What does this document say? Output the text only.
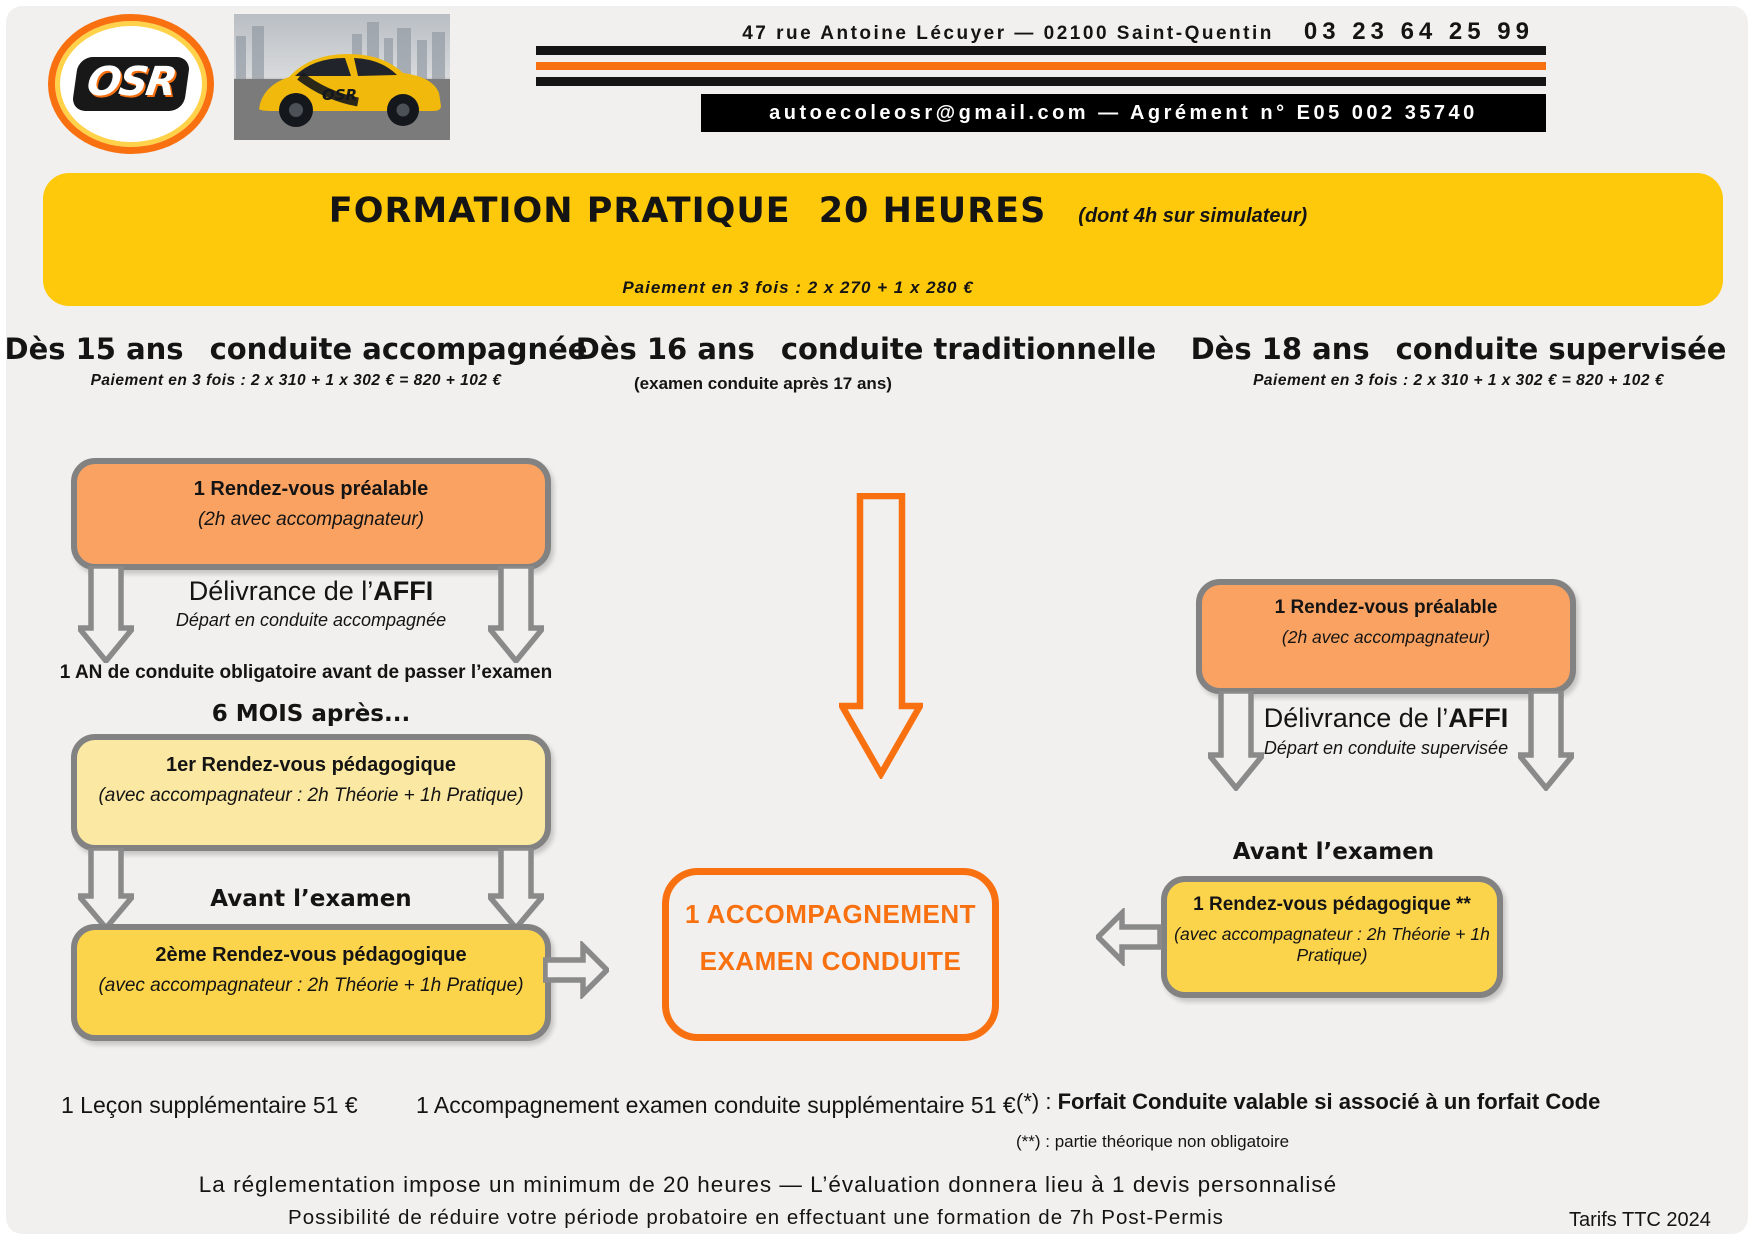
OSR	OSR
47 rue Antoine Lécuyer — 02100 Saint-Quentin 03 23 64 25 99
autoecoleosr@gmail.com — Agrément n° E05 002 35740
FORMATION PRATIQUE 20 HEURES (dont 4h sur simulateur)
Paiement en 3 fois : 2 x 270 + 1 x 280 €
Dès 15 ans conduite accompagnée
Paiement en 3 fois : 2 x 310 + 1 x 302 € = 820 + 102 €
Dès 16 ans conduite traditionnelle
(examen conduite après 17 ans)
Dès 18 ans conduite supervisée
Paiement en 3 fois : 2 x 310 + 1 x 302 € = 820 + 102 €
1 Rendez-vous préalable
(2h avec accompagnateur)
Délivrance de l’AFFI
Départ en conduite accompagnée
1 AN de conduite obligatoire avant de passer l’examen
6 MOIS après...
1er Rendez-vous pédagogique
(avec accompagnateur : 2h Théorie + 1h Pratique)
Avant l’examen
2ème Rendez-vous pédagogique
(avec accompagnateur : 2h Théorie + 1h Pratique)
1 ACCOMPAGNEMENT
EXAMEN CONDUITE
1 Rendez-vous préalable
(2h avec accompagnateur)
Délivrance de l’AFFI
Départ en conduite supervisée
Avant l’examen
1 Rendez-vous pédagogique **
(avec accompagnateur : 2h Théorie + 1h Pratique)
1 Leçon supplémentaire 51 €	1 Accompagnement examen conduite supplémentaire 51 € (*) : Forfait Conduite valable si associé à un forfait Code
(**) : partie théorique non obligatoire
La réglementation impose un minimum de 20 heures — L’évaluation donnera lieu à 1 devis personnalisé
Possibilité de réduire votre période probatoire en effectuant une formation de 7h Post-Permis	Tarifs TTC 2024
